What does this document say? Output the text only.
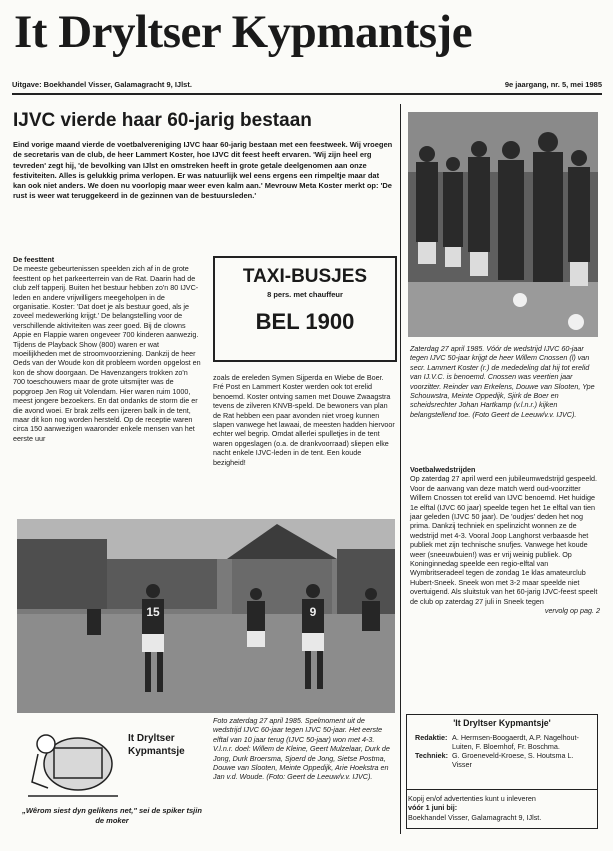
It Dryltser Kypmantsje
Uitgave: Boekhandel Visser, Galamagracht 9, IJlst.	9e jaargang, nr. 5, mei 1985
IJVC vierde haar 60-jarig bestaan
Eind vorige maand vierde de voetbalvereniging IJVC haar 60-jarig bestaan met een feestweek. Wij vroegen de secretaris van de club, de heer Lammert Koster, hoe IJVC dit feest heeft ervaren. 'Wij zijn heel erg tevreden' zegt hij, 'de bevolking van IJlst en omstreken heeft in grote getale deelgenomen aan onze festiviteiten. Alles is gelukkig prima verlopen. Er was natuurlijk wel eens ergens een rimpeltje maar dat kan ook niet anders. We doen nu voorlopig maar weer even kalm aan.' Mevrouw Meta Koster merkt op: 'De rust is weer wat teruggekeerd in de gezinnen van de bestuursleden.'
De feesttent
De meeste gebeurtenissen speelden zich af in de grote feesttent op het parkeerterrein van de Rat. Daarin had de club zelf tapperij. Buiten het bestuur hebben zo'n 80 IJVC-leden en andere vrijwilligers meegeholpen in de organisatie. Koster: 'Dat doet je als bestuur goed, als je zoveel medewerking krijgt.' De belangstelling voor de verschillende aktiviteiten was zeer goed. Bij de clowns Appie en Flappie waren ongeveer 700 kinderen aanwezig. Tijdens de Playback Show (800) waren er wat moeilijkheden met de stroomvoorziening. Dankzij de heer Oeds van der Woude kon dit probleem worden opgelost en kon de show doorgaan. De Havenzangers trokken zo'n 700 toeschouwers maar de grote uitsmijter was de popgroep Jen Rog uit Volendam. Hier waren ruim 1000, meest jongere bezoekers. En dat ondanks de storm die er die avond woei. Er brak zelfs een ijzeren balk in de tent, maar dit kon nog worden hersteld. Op de receptie waren circa 150 aanwezigen waaronder enkele mensen van het eerste uur
TAXI-BUSJES
8 pers. met chauffeur
BEL 1900
zoals de ereleden Symen Sijperda en Wiebe de Boer. Fré Post en Lammert Koster werden ook tot erelid benoemd. Koster ontving samen met Douwe Zwaagstra tevens de zilveren KNVB-speld. De bewoners van plan de Rat hebben een paar avonden niet vroeg kunnen slapen vanwege het lawaai, de meesten hadden hiervoor echter wel begrip. Omdat allerlei spulletjes in de tent waren opgeslagen (o.a. de drankvoorraad) sliepen elke nacht enkele IJVC-leden in de tent. Een koude bezigheid!
Zaterdag 27 april 1985. Vóór de wedstrijd IJVC 60-jaar tegen IJVC 50-jaar krijgt de heer Willem Cnossen (l) van secr. Lammert Koster (r.) de mededeling dat hij tot erelid van IJ.V.C. is benoemd. Cnossen was veertien jaar voorzitter. Reinder van Erkelens, Douwe van Slooten, Ype Schouwstra, Meinte Oppedijk, Sjirk de Boer en scheidsrechter Johan Hartkamp (v.l.n.r.) kijken belangstellend toe. (Foto Geert de Leeuw/v.v. IJVC).
Voetbalwedstrijden
Op zaterdag 27 april werd een jubileumwedstrijd gespeeld. Voor de aanvang van deze match werd oud-voorzitter Willem Cnossen tot erelid van IJVC benoemd. Het huidige 1e elftal (IJVC 60 jaar) speelde tegen het 1e elftal van tien jaar geleden (IJVC 50 jaar). De 'oudjes' deden het nog prima. Dankzij techniek en spelinzicht wonnen ze de wedstrijd met 4-3. Vooral Joop Langhorst verbaasde het publiek met zijn technische snufjes. Vanwege het koude weer (sneeuwbuien!) was er vrij weinig publiek. Op Koninginnedag speelde een regio-elftal van Wymbritseradeel tegen de zondag 1e klas amateurclub Hubert-Sneek. Sneek won met 3-2 maar speelde niet overtuigend. Als sluitstuk van het 60-jarig IJVC-feest speelt de club op zaterdag 27 juli in Sneek tegen
vervolg op pag. 2
15	9
Foto zaterdag 27 april 1985. Spelmoment uit de wedstrijd IJVC 60-jaar tegen IJVC 50-jaar. Het eerste elftal van 10 jaar terug (IJVC 50-jaar) won met 4-3. V.l.n.r. doel: Willem de Kleine, Geert Mulzelaar, Durk de Jong, Durk Broersma, Sjoerd de Jong, Sietse Postma, Douwe van Slooten, Meinte Oppedijk, Arie Hoekstra en Jan v.d. Woude. (Foto: Geert de Leeuw/v.v. IJVC).
It Dryltser
Kypmantsje
„Wêrom siest dyn gelikens net," sei de spiker tsjin de moker
'It Dryltser Kypmantsje'
Redaktie:	A. Hermsen-Boogaerdt, A.P. Nagelhout-Luiten, F. Bloemhof, Fr. Boschma.
Techniek:	G. Groeneveld-Kroese, S. Houtsma L. Visser
Kopij en/of advertenties kunt u inleveren
vóór 1 juni bij:
Boekhandel Visser, Galamagracht 9, IJlst.
